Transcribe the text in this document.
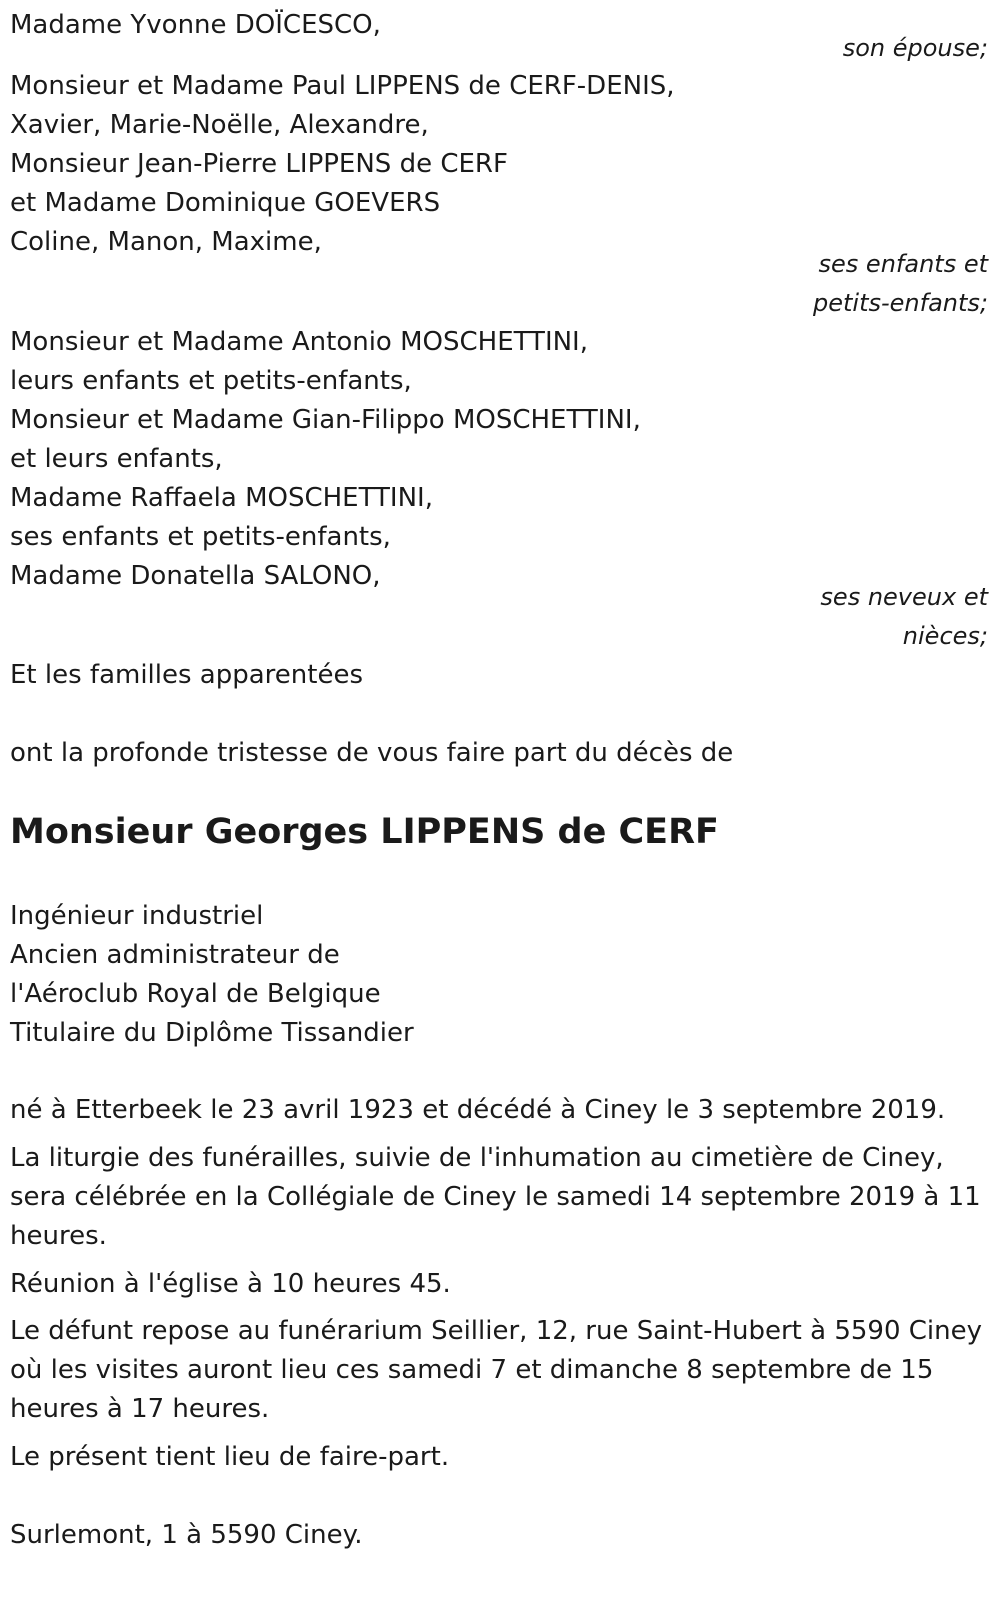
Madame Yvonne DOÏCESCO,
son épouse;
Monsieur et Madame Paul LIPPENS de CERF-DENIS,
Xavier, Marie-Noëlle, Alexandre,
Monsieur Jean-Pierre LIPPENS de CERF
et Madame Dominique GOEVERS
Coline, Manon, Maxime,
ses enfants et
petits-enfants;
Monsieur et Madame Antonio MOSCHETTINI,
leurs enfants et petits-enfants,
Monsieur et Madame Gian-Filippo MOSCHETTINI,
et leurs enfants,
Madame Raffaela MOSCHETTINI,
ses enfants et petits-enfants,
Madame Donatella SALONO,
ses neveux et
nièces;
Et les familles apparentées
ont la profonde tristesse de vous faire part du décès de
Monsieur Georges LIPPENS de CERF
Ingénieur industriel
Ancien administrateur de
l'Aéroclub Royal de Belgique
Titulaire du Diplôme Tissandier
né à Etterbeek le 23 avril 1923 et décédé à Ciney le 3 septembre 2019.
La liturgie des funérailles, suivie de l'inhumation au cimetière de Ciney, sera célébrée en la Collégiale de Ciney le samedi 14 septembre 2019 à 11 heures.
Réunion à l'église à 10 heures 45.
Le défunt repose au funérarium Seillier, 12, rue Saint-Hubert à 5590 Ciney où les visites auront lieu ces samedi 7 et dimanche 8 septembre de 15 heures à 17 heures.
Le présent tient lieu de faire-part.
Surlemont, 1 à 5590 Ciney.
